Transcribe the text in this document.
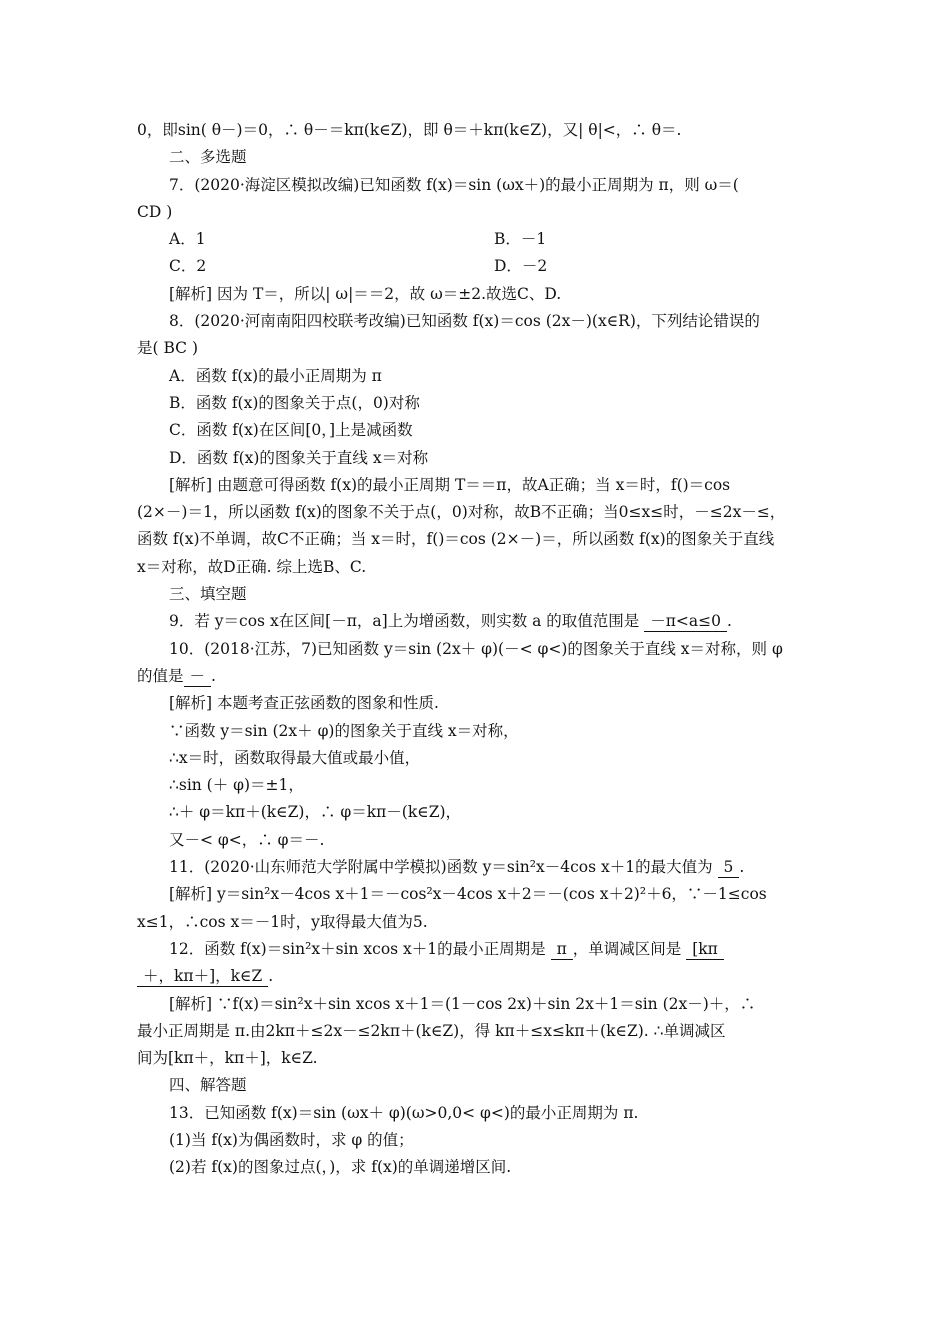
0，即sin( θ－)＝0，∴ θ－＝kπ(k∈Z)，即 θ＝＋kπ(k∈Z)，又| θ|<，∴ θ＝.
二、多选题
7．(2020·海淀区模拟改编)已知函数 f(x)＝sin (ωx＋)的最小正周期为 π，则 ω＝(
CD )
A．1	B．－1
C．2	D．－2
[解析] 因为 T＝，所以| ω|＝＝2，故 ω＝±2.故选C、D.
8．(2020·河南南阳四校联考改编)已知函数 f(x)＝cos (2x－)(x∈R)，下列结论错误的
是( BC )
A．函数 f(x)的最小正周期为 π
B．函数 f(x)的图象关于点(，0)对称
C．函数 f(x)在区间[0，]上是减函数
D．函数 f(x)的图象关于直线 x＝对称
[解析] 由题意可得函数 f(x)的最小正周期 T＝＝π，故A正确；当 x＝时，f()＝cos
(2×－)＝1，所以函数 f(x)的图象不关于点(，0)对称，故B不正确；当0≤x≤时，－≤2x－≤，
函数 f(x)不单调，故C不正确；当 x＝时，f()＝cos (2×－)＝，所以函数 f(x)的图象关于直线
x＝对称，故D正确. 综上选B、C.
三、填空题
9．若 y＝cos x在区间[－π，a]上为增函数，则实数 a 的取值范围是 －π<a≤0 .
10．(2018·江苏，7)已知函数 y＝sin (2x＋ φ)(－< φ<)的图象关于直线 x＝对称，则 φ
的值是 － .
[解析] 本题考查正弦函数的图象和性质.
∵函数 y＝sin (2x＋ φ)的图象关于直线 x＝对称，
∴x＝时，函数取得最大值或最小值，
∴sin (＋ φ)＝±1，
∴＋ φ＝kπ＋(k∈Z)，∴ φ＝kπ－(k∈Z)，
又－< φ<，∴ φ＝－.
11．(2020·山东师范大学附属中学模拟)函数 y＝sin²x－4cos x＋1的最大值为 5 .
[解析] y＝sin²x－4cos x＋1＝－cos²x－4cos x＋2＝－(cos x＋2)²＋6，∵－1≤cos
x≤1，∴cos x＝－1时，y取得最大值为5.
12．函数 f(x)＝sin²x＋sin xcos x＋1的最小正周期是 π ，单调减区间是 [kπ
＋，kπ＋]，k∈Z .
[解析] ∵f(x)＝sin²x＋sin xcos x＋1＝(1－cos 2x)＋sin 2x＋1＝sin (2x－)＋，∴
最小正周期是 π.由2kπ＋≤2x－≤2kπ＋(k∈Z)，得 kπ＋≤x≤kπ＋(k∈Z). ∴单调减区
间为[kπ＋，kπ＋]，k∈Z.
四、解答题
13．已知函数 f(x)＝sin (ωx＋ φ)(ω>0,0< φ<)的最小正周期为 π.
(1)当 f(x)为偶函数时，求 φ 的值；
(2)若 f(x)的图象过点(，)，求 f(x)的单调递增区间.
